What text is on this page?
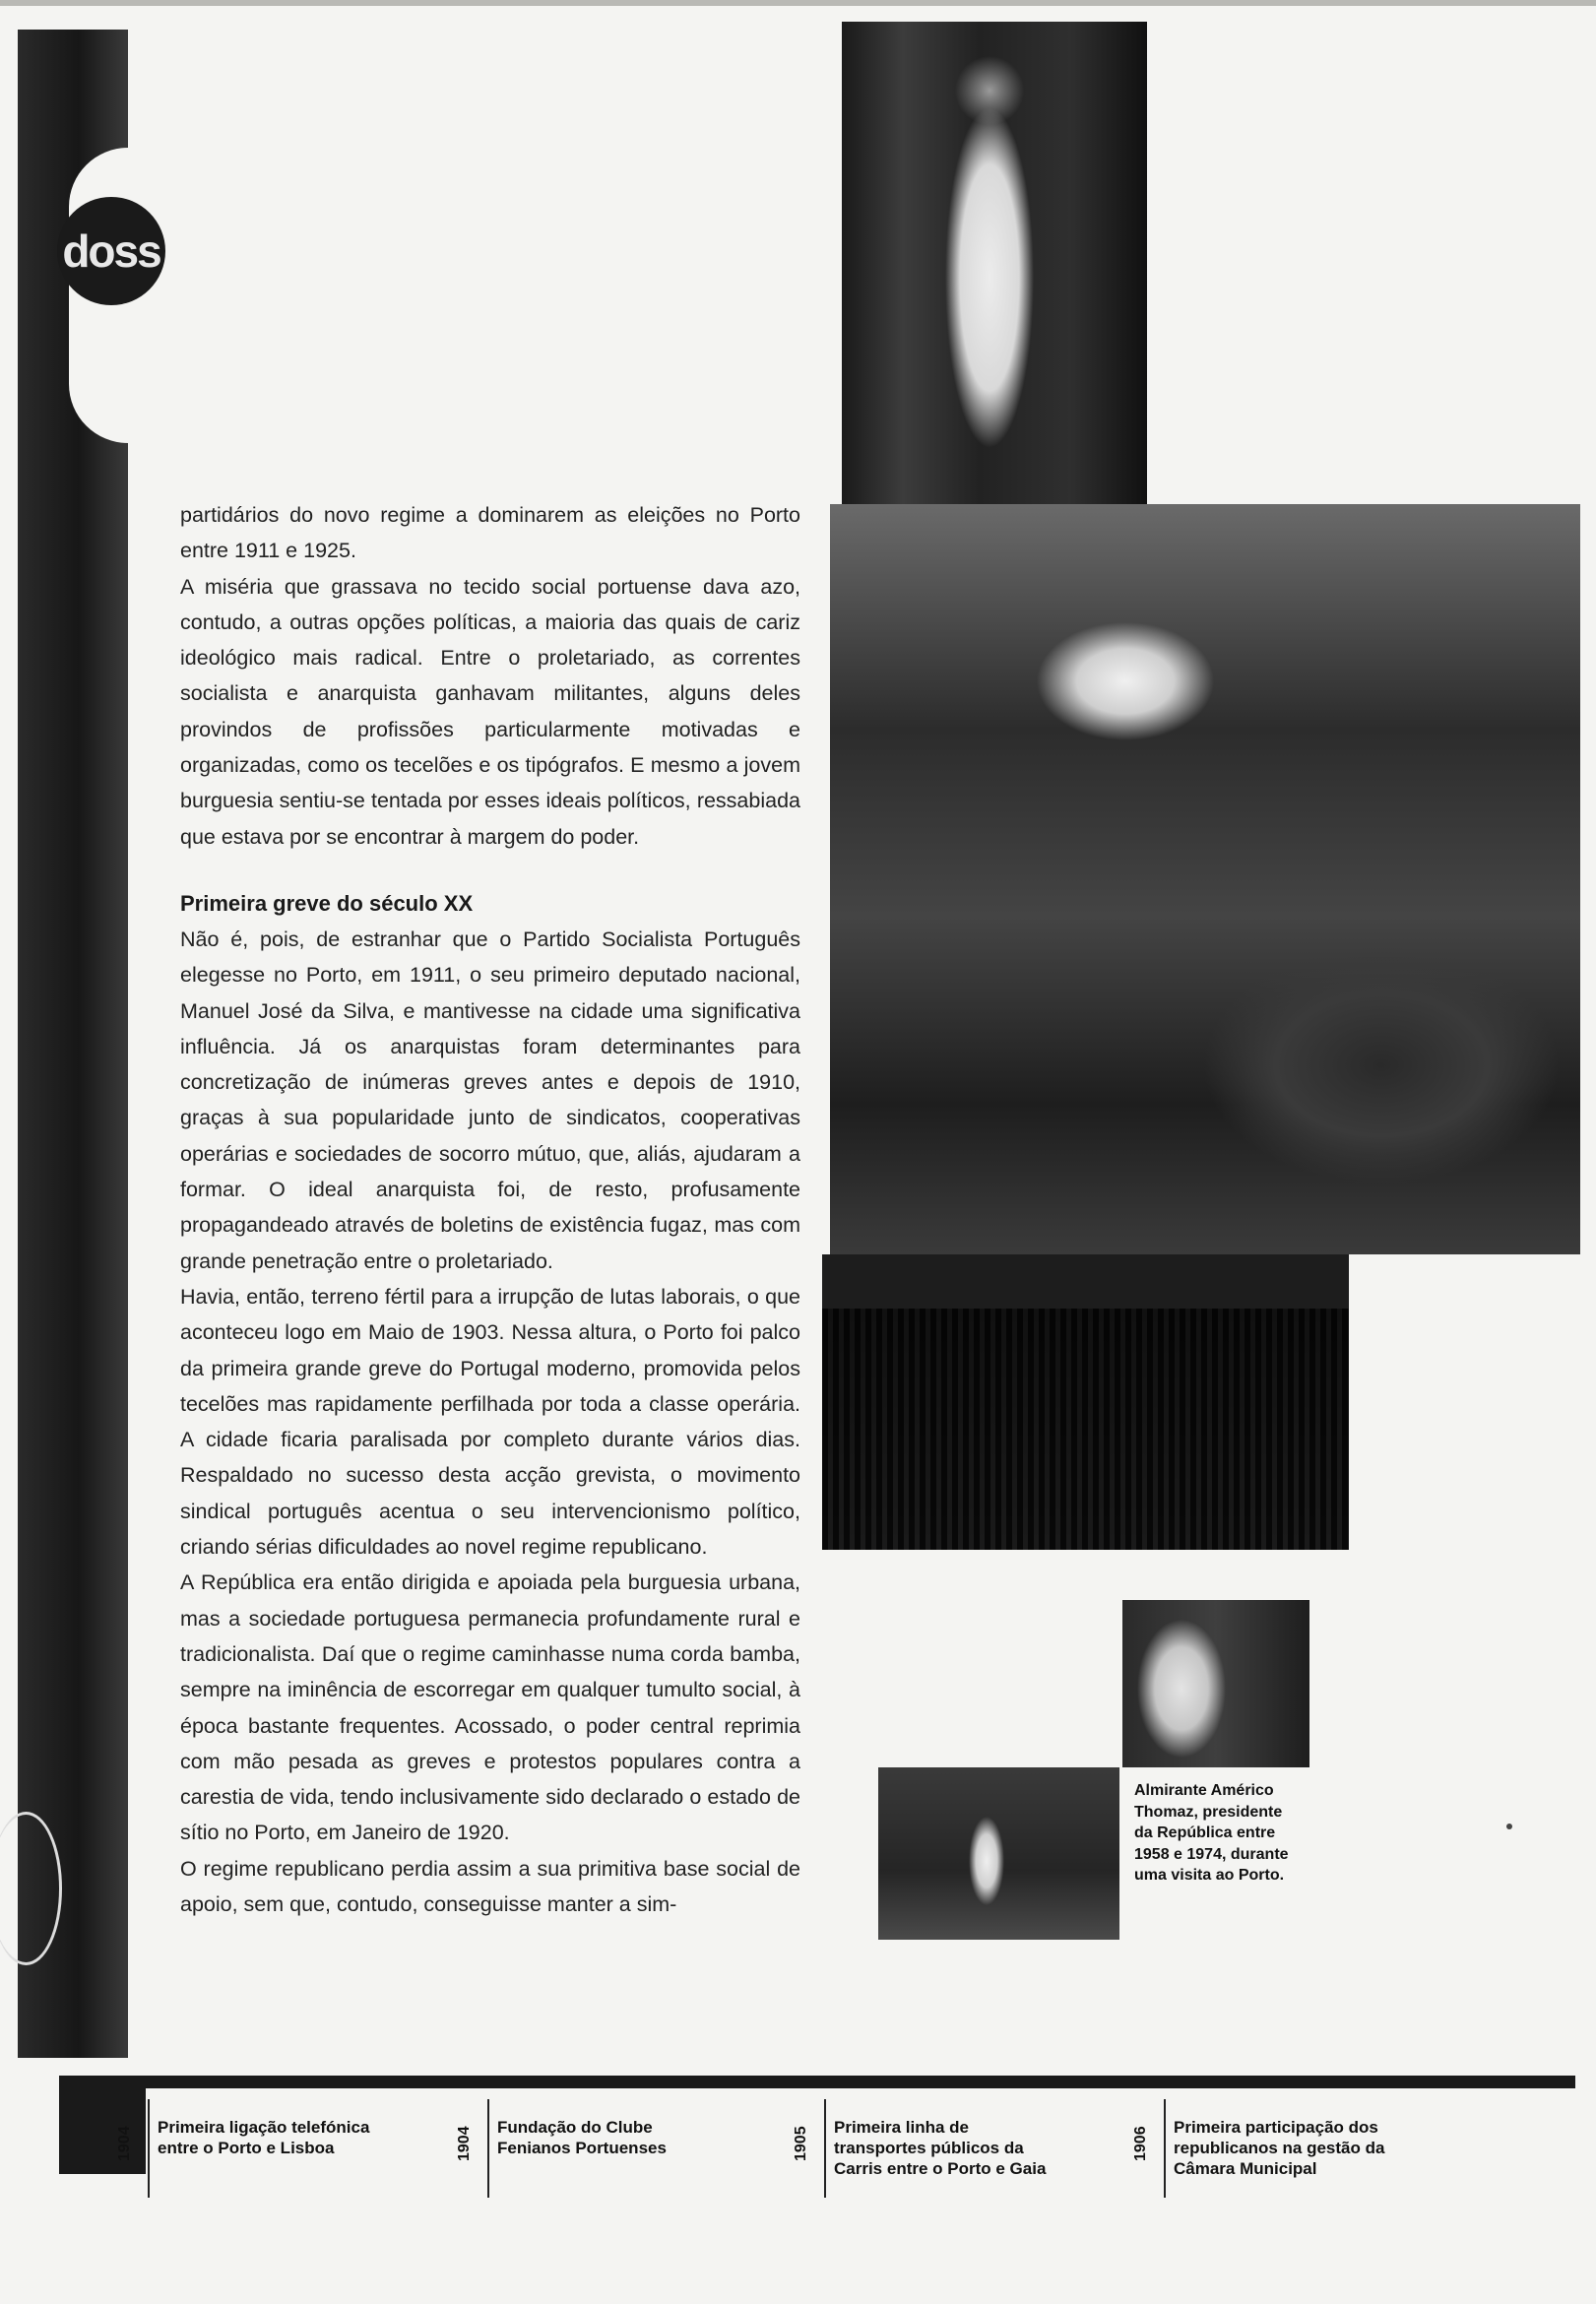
doss
Almirante Américo Thomaz, presidente da República entre 1958 e 1974, durante uma visita ao Porto.

partidários do novo regime a dominarem as eleições no Porto entre 1911 e 1925.

A miséria que grassava no tecido social portuense dava azo, contudo, a outras opções políticas, a maioria das quais de cariz ideológico mais radical. Entre o proletariado, as correntes socialista e anarquista ganhavam militantes, alguns deles provindos de profissões particularmente motivadas e organizadas, como os tecelões e os tipógrafos. E mesmo a jovem burguesia sentiu-se tentada por esses ideais políticos, ressabiada que estava por se encontrar à margem do poder.

Primeira greve do século XX

Não é, pois, de estranhar que o Partido Socialista Português elegesse no Porto, em 1911, o seu primeiro deputado nacional, Manuel José da Silva, e mantivesse na cidade uma significativa influência. Já os anarquistas foram determinantes para concretização de inúmeras greves antes e depois de 1910, graças à sua popularidade junto de sindicatos, cooperativas operárias e sociedades de socorro mútuo, que, aliás, ajudaram a formar. O ideal anarquista foi, de resto, profusamente propagandeado através de boletins de existência fugaz, mas com grande penetração entre o proletariado.

Havia, então, terreno fértil para a irrupção de lutas laborais, o que aconteceu logo em Maio de 1903. Nessa altura, o Porto foi palco da primeira grande greve do Portugal moderno, promovida pelos tecelões mas rapidamente perfilhada por toda a classe operária. A cidade ficaria paralisada por completo durante vários dias. Respaldado no sucesso desta acção grevista, o movimento sindical português acentua o seu intervencionismo político, criando sérias dificuldades ao novel regime republicano.

A República era então dirigida e apoiada pela burguesia urbana, mas a sociedade portuguesa permanecia profundamente rural e tradicionalista. Daí que o regime caminhasse numa corda bamba, sempre na iminência de escorregar em qualquer tumulto social, à época bastante frequentes. Acossado, o poder central reprimia com mão pesada as greves e protestos populares contra a carestia de vida, tendo inclusivamente sido declarado o estado de sítio no Porto, em Janeiro de 1920.

O regime republicano perdia assim a sua primitiva base social de apoio, sem que, contudo, conseguisse manter a sim-

1904	Primeira ligação telefónica entre o Porto e Lisboa	1904	Fundação do Clube Fenianos Portuenses	1905	Primeira linha de transportes públicos da Carris entre o Porto e Gaia
1906	Primeira participação dos republicanos na gestão da Câmara Municipal
